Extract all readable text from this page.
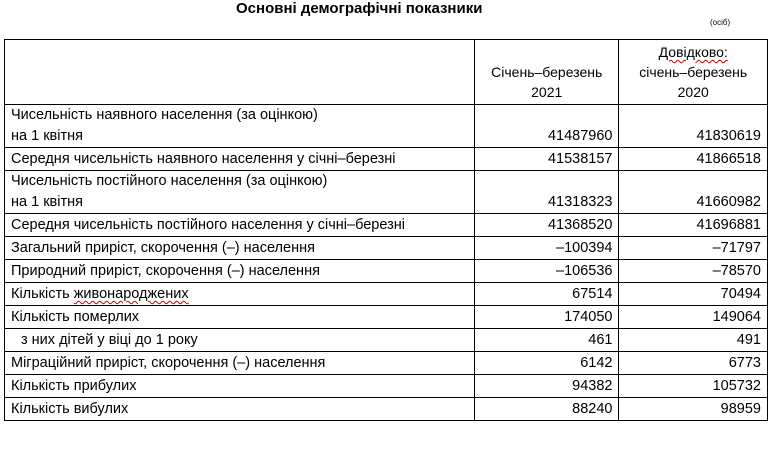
Основні демографічні показники
(осіб)

	Січень–березень
2021	Довідково:
січень–березень
2020

Чисельність наявного населення (за оцінкою)
на 1 квітня	41487960	41830619
Середня чисельність наявного населення у січні–березні	41538157	41866518

Чисельність постійного населення (за оцінкою)
на 1 квітня	41318323	41660982
Середня чисельність постійного населення у січні–березні	41368520	41696881
Загальний приріст, скорочення (–) населення	–100394	–71797
Природний приріст, скорочення (–) населення	–106536	–78570
Кількість живонароджених	67514	70494
Кількість померлих	174050	149064
з них дітей у віці до 1 року	461	491
Міграційний приріст, скорочення (–) населення	6142	6773
Кількість прибулих	94382	105732
Кількість вибулих	88240	98959
